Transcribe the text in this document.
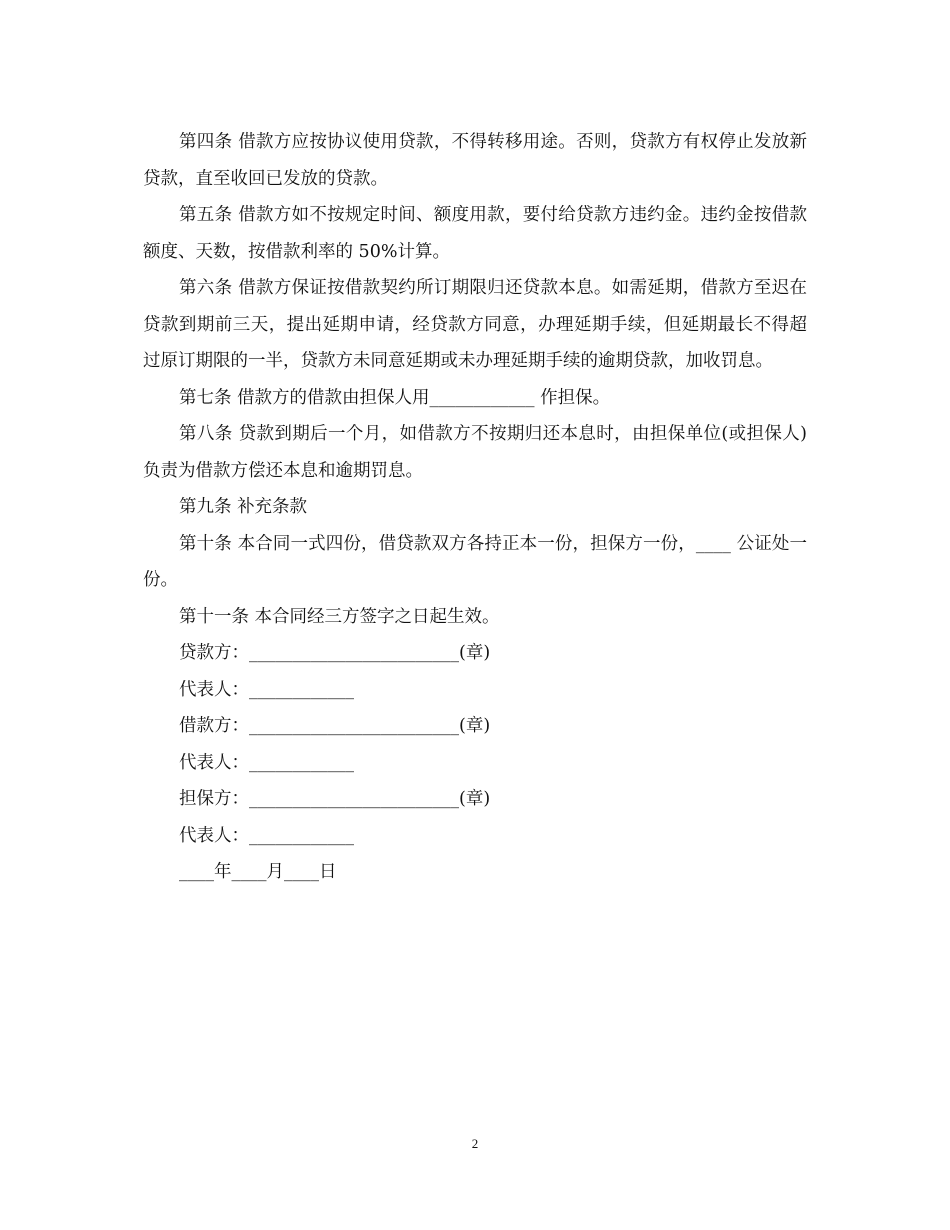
第四条 借款方应按协议使用贷款，不得转移用途。否则，贷款方有权停止发放新贷款，直至收回已发放的贷款。

第五条 借款方如不按规定时间、额度用款，要付给贷款方违约金。违约金按借款额度、天数，按借款利率的 50%计算。

第六条 借款方保证按借款契约所订期限归还贷款本息。如需延期，借款方至迟在贷款到期前三天，提出延期申请，经贷款方同意，办理延期手续，但延期最长不得超过原订期限的一半，贷款方未同意延期或未办理延期手续的逾期贷款，加收罚息。

第七条 借款方的借款由担保人用____________ 作担保。

第八条 贷款到期后一个月，如借款方不按期归还本息时，由担保单位(或担保人)负责为借款方偿还本息和逾期罚息。

第九条 补充条款

第十条 本合同一式四份，借贷款双方各持正本一份，担保方一份，____ 公证处一份。

第十一条 本合同经三方签字之日起生效。

贷款方：________________________(章)

代表人：____________

借款方：________________________(章)

代表人：____________

担保方：________________________(章)

代表人：____________

____年____月____日

2
